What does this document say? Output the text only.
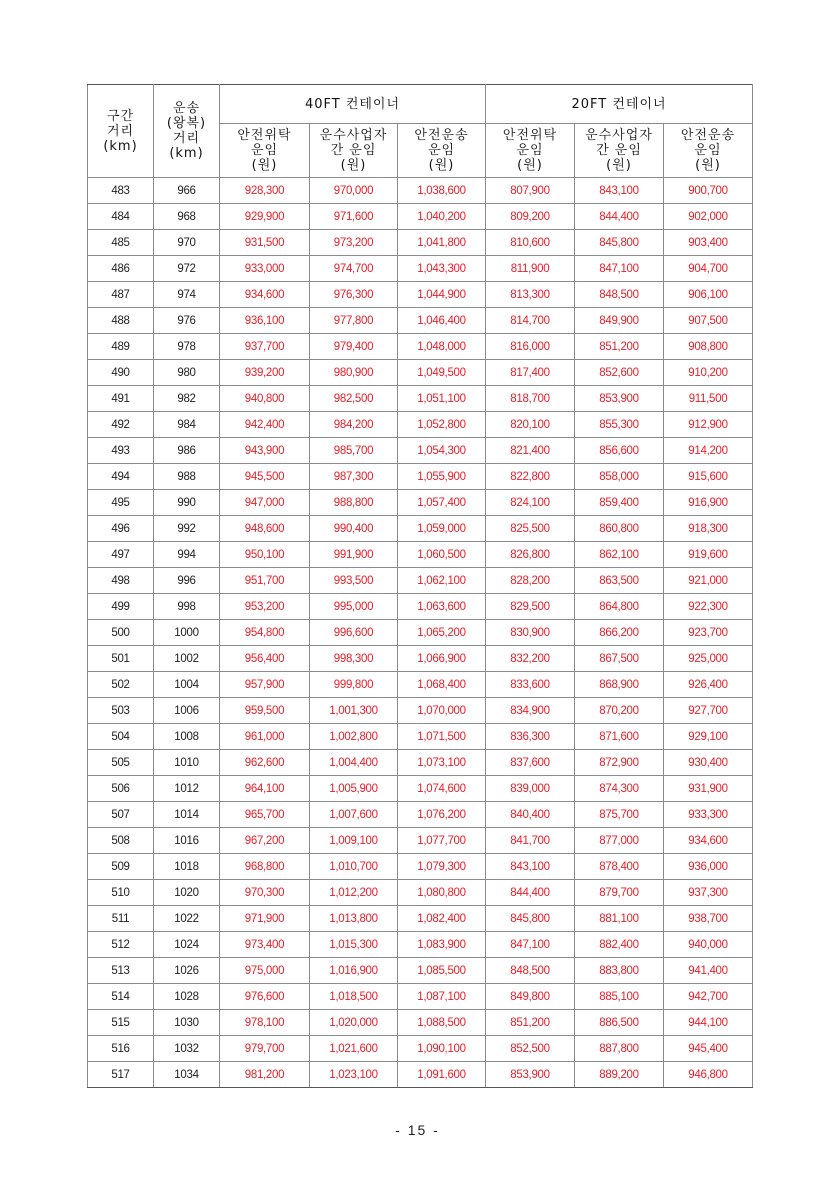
구간
거리
(km)	운송
(왕복)
거리
(km)	40FT 컨테이너			20FT 컨테이너		

		안전위탁
운임
(원)	운수사업자
간 운임
(원)	안전운송
운임
(원)	안전위탁
운임
(원)	운수사업자
간 운임
(원)	안전운송
운임
(원)

483	966	928,300	970,000	1,038,600	807,900	843,100	900,700
484	968	929,900	971,600	1,040,200	809,200	844,400	902,000
485	970	931,500	973,200	1,041,800	810,600	845,800	903,400
486	972	933,000	974,700	1,043,300	811,900	847,100	904,700
487	974	934,600	976,300	1,044,900	813,300	848,500	906,100
488	976	936,100	977,800	1,046,400	814,700	849,900	907,500
489	978	937,700	979,400	1,048,000	816,000	851,200	908,800
490	980	939,200	980,900	1,049,500	817,400	852,600	910,200
491	982	940,800	982,500	1,051,100	818,700	853,900	911,500
492	984	942,400	984,200	1,052,800	820,100	855,300	912,900
493	986	943,900	985,700	1,054,300	821,400	856,600	914,200
494	988	945,500	987,300	1,055,900	822,800	858,000	915,600
495	990	947,000	988,800	1,057,400	824,100	859,400	916,900
496	992	948,600	990,400	1,059,000	825,500	860,800	918,300
497	994	950,100	991,900	1,060,500	826,800	862,100	919,600
498	996	951,700	993,500	1,062,100	828,200	863,500	921,000
499	998	953,200	995,000	1,063,600	829,500	864,800	922,300
500	1000	954,800	996,600	1,065,200	830,900	866,200	923,700
501	1002	956,400	998,300	1,066,900	832,200	867,500	925,000
502	1004	957,900	999,800	1,068,400	833,600	868,900	926,400
503	1006	959,500	1,001,300	1,070,000	834,900	870,200	927,700
504	1008	961,000	1,002,800	1,071,500	836,300	871,600	929,100
505	1010	962,600	1,004,400	1,073,100	837,600	872,900	930,400
506	1012	964,100	1,005,900	1,074,600	839,000	874,300	931,900
507	1014	965,700	1,007,600	1,076,200	840,400	875,700	933,300
508	1016	967,200	1,009,100	1,077,700	841,700	877,000	934,600
509	1018	968,800	1,010,700	1,079,300	843,100	878,400	936,000
510	1020	970,300	1,012,200	1,080,800	844,400	879,700	937,300
511	1022	971,900	1,013,800	1,082,400	845,800	881,100	938,700
512	1024	973,400	1,015,300	1,083,900	847,100	882,400	940,000
513	1026	975,000	1,016,900	1,085,500	848,500	883,800	941,400
514	1028	976,600	1,018,500	1,087,100	849,800	885,100	942,700
515	1030	978,100	1,020,000	1,088,500	851,200	886,500	944,100
516	1032	979,700	1,021,600	1,090,100	852,500	887,800	945,400
517	1034	981,200	1,023,100	1,091,600	853,900	889,200	946,800
- 15 -
